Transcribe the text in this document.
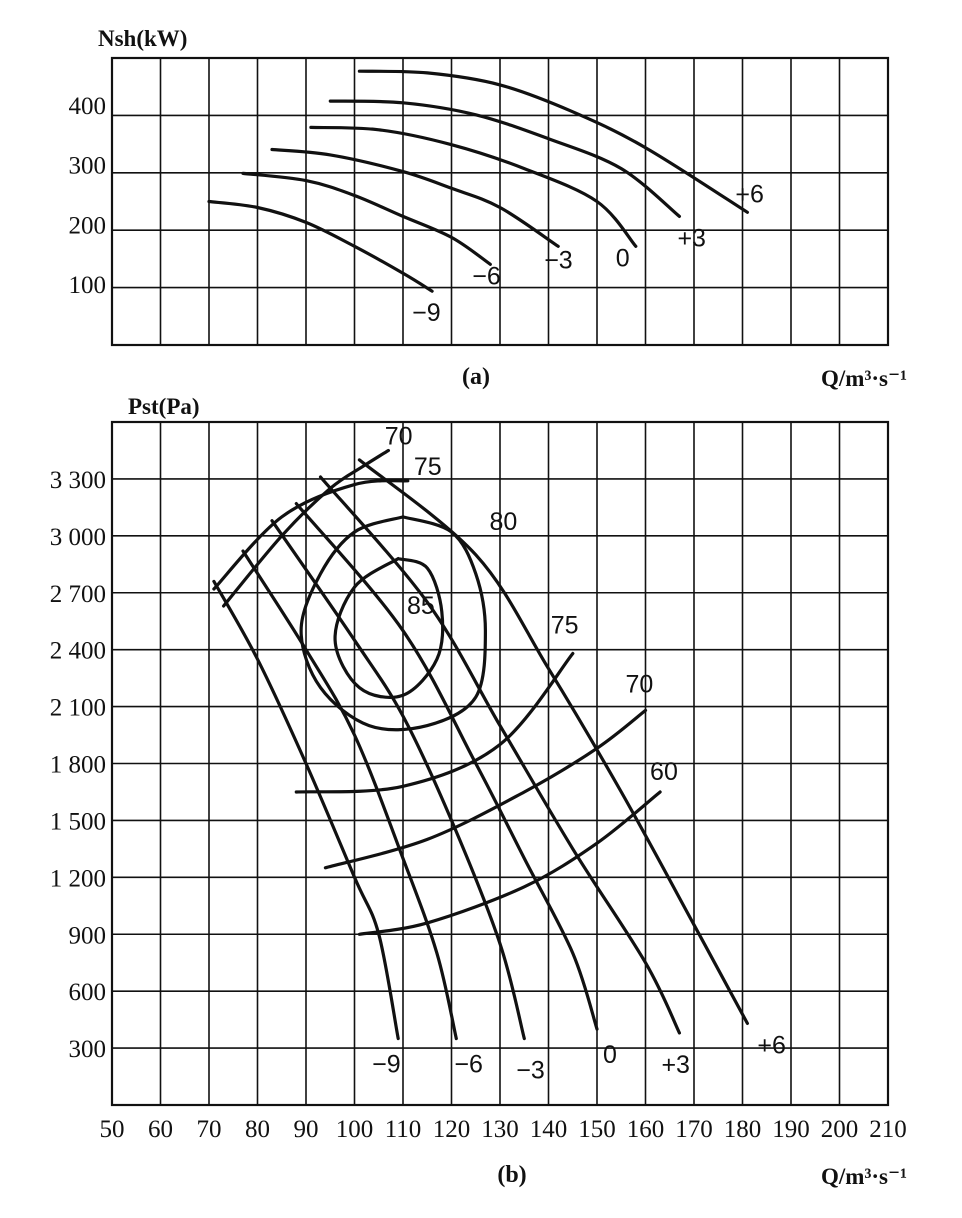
100
200
300
400
−9
−6
−3 0
+3
+6
Nsh(kW)
(a)	Q/m³·s⁻¹
300
600
900
1 200
1 500
1 800
2 100
2 400
2 700
3 000
3 300
50 60 70 80 90 100 110 120 130 140 150 160 170 180 190 200 210
70
75
80
85
75
70
60
−9 −6 −3
0 +3
+6
Pst(Pa)
(b)	Q/m³·s⁻¹
